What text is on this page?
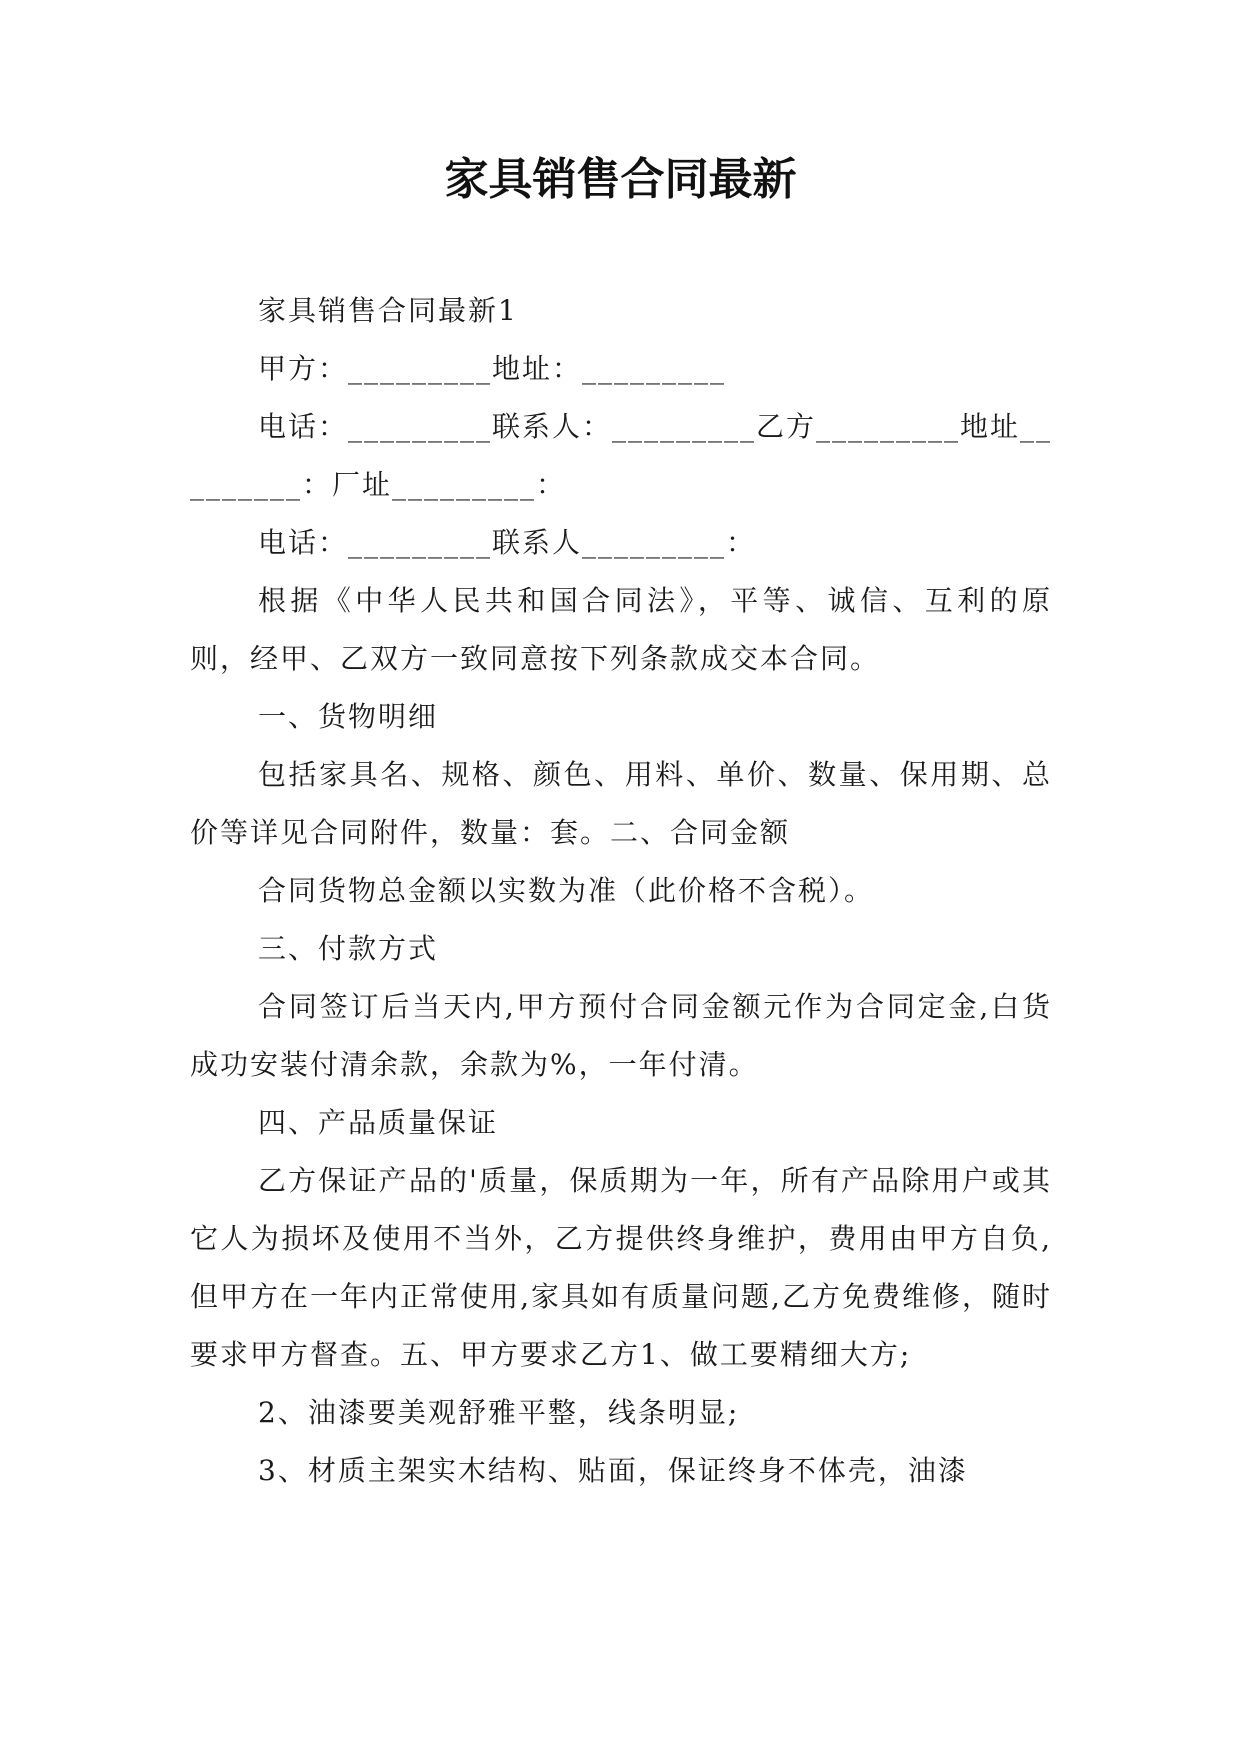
家具销售合同最新

家具销售合同最新1

甲方：_________地址：_________

电话：_________联系人：_________乙方_________地址_________：厂址_________：

电话：_________联系人_________：

根据《中华人民共和国合同法》，平等、诚信、互利的原则，经甲、乙双方一致同意按下列条款成交本合同。

一、货物明细

包括家具名、规格、颜色、用料、单价、数量、保用期、总价等详见合同附件，数量：套。二、合同金额

合同货物总金额以实数为准（此价格不含税）。

三、付款方式

合同签订后当天内,甲方预付合同金额元作为合同定金,白货成功安装付清余款，余款为%，一年付清。

四、产品质量保证

乙方保证产品的'质量，保质期为一年，所有产品除用户或其它人为损坏及使用不当外，乙方提供终身维护，费用由甲方自负,但甲方在一年内正常使用,家具如有质量问题,乙方免费维修，随时要求甲方督查。五、甲方要求乙方1、做工要精细大方;

2、油漆要美观舒雅平整，线条明显;

3、材质主架实木结构、贴面，保证终身不体壳，油漆
